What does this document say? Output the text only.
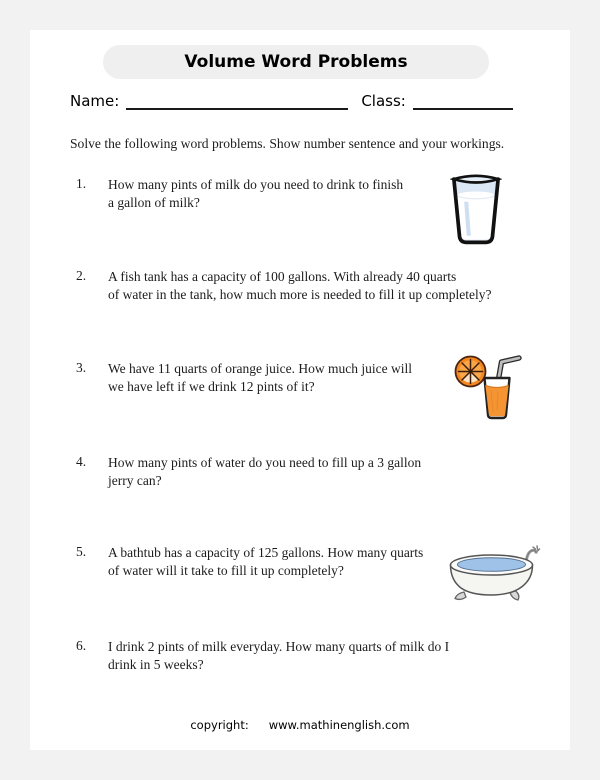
Volume Word Problems
Name:	Class:
Solve the following word problems. Show number sentence and your workings.
1.	How many pints of milk do you need to drink to finish
a gallon of milk?
2.	A fish tank has a capacity of 100 gallons. With already 40 quarts
of water in the tank, how much more is needed to fill it up completely?
3.	We have 11 quarts of orange juice. How much juice will
we have left if we drink 12 pints of it?
4.	How many pints of water do you need to fill up a 3 gallon
jerry can?
5.	A bathtub has a capacity of 125 gallons. How many quarts
of water will it take to fill it up completely?
6.	I drink 2 pints of milk everyday. How many quarts of milk do I
drink in 5 weeks?
copyright: www.mathinenglish.com
